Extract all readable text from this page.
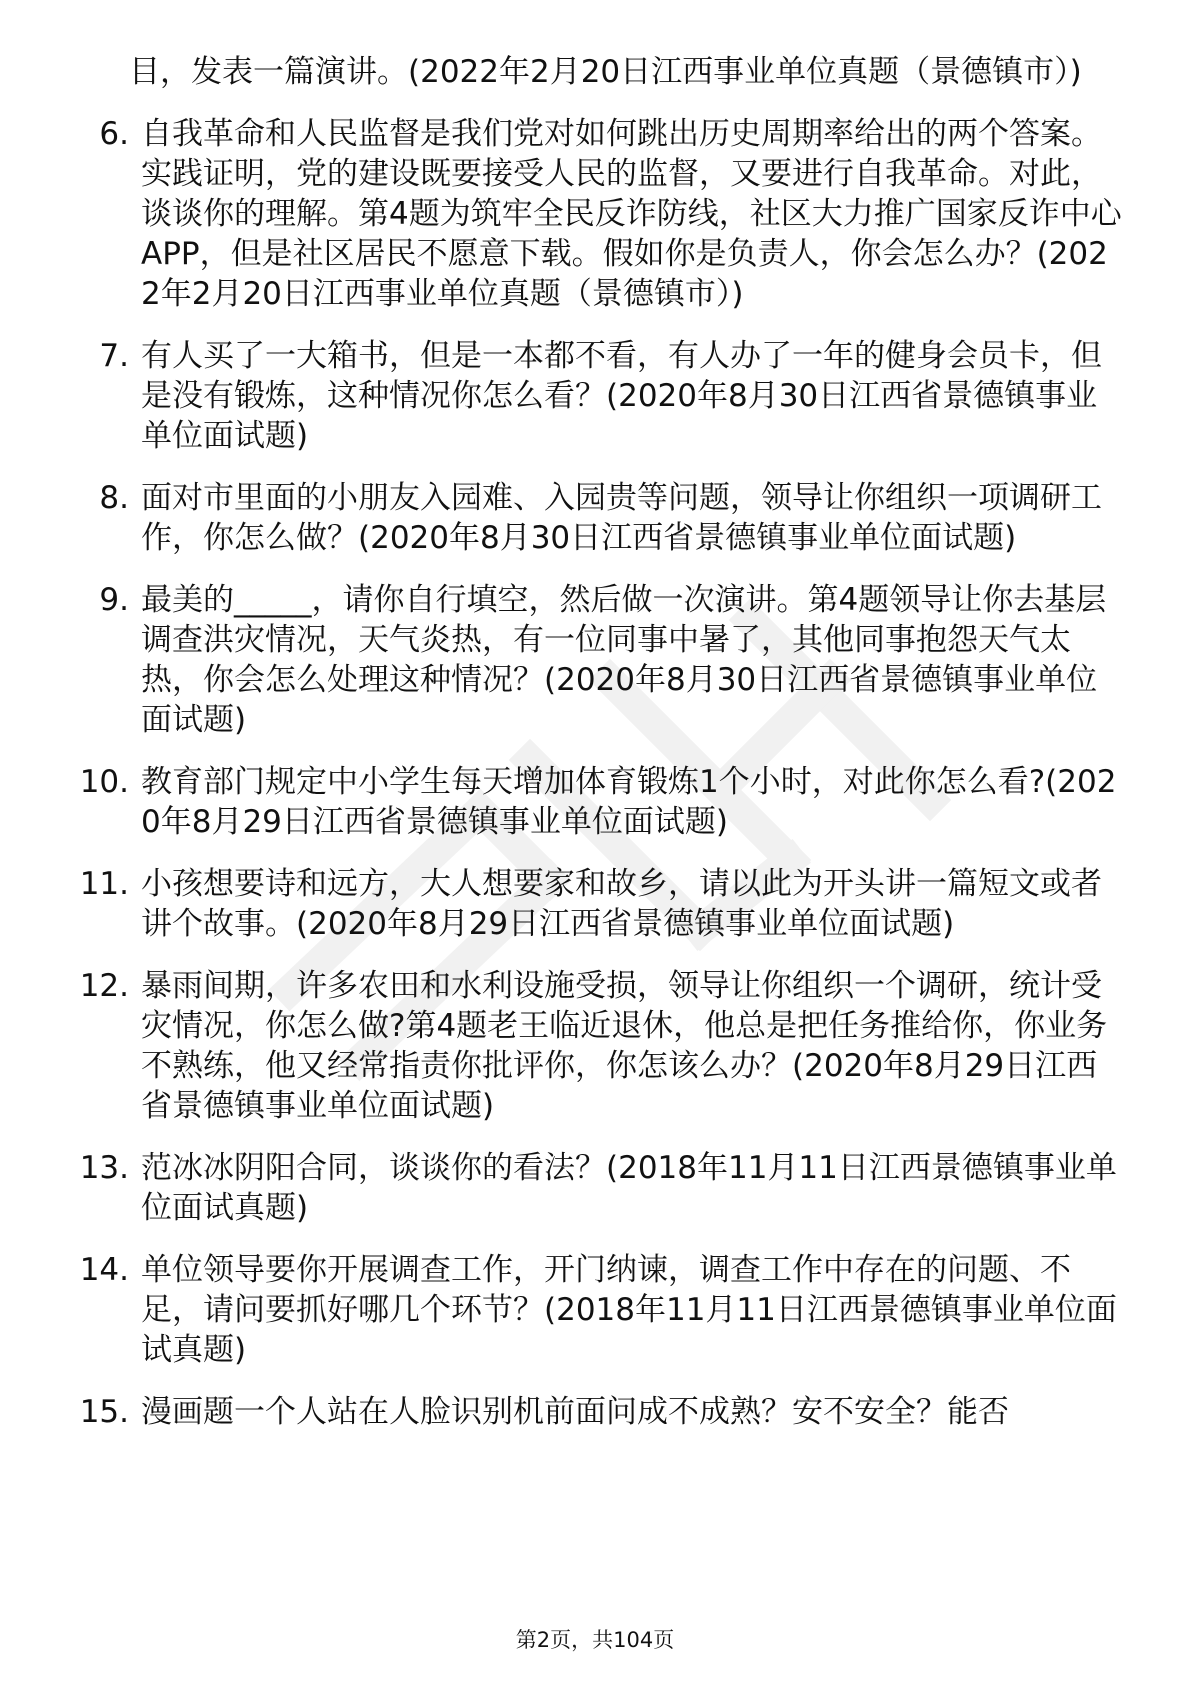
目，发表一篇演讲。(2022年2月20日江西事业单位真题（景德镇市）)
6. 自我革命和人民监督是我们党对如何跳出历史周期率给出的两个答案。实践证明，党的建设既要接受人民的监督，又要进行自我革命。对此，谈谈你的理解。第4题为筑牢全民反诈防线，社区大力推广国家反诈中心APP，但是社区居民不愿意下载。假如你是负责人，你会怎么办？(2022年2月20日江西事业单位真题（景德镇市）)
7. 有人买了一大箱书，但是一本都不看，有人办了一年的健身会员卡，但是没有锻炼，这种情况你怎么看？(2020年8月30日江西省景德镇事业单位面试题)
8. 面对市里面的小朋友入园难、入园贵等问题，领导让你组织一项调研工作，你怎么做？(2020年8月30日江西省景德镇事业单位面试题)
9. 最美的_____，请你自行填空，然后做一次演讲。第4题领导让你去基层调查洪灾情况，天气炎热，有一位同事中暑了，其他同事抱怨天气太热，你会怎么处理这种情况？(2020年8月30日江西省景德镇事业单位面试题)
10. 教育部门规定中小学生每天增加体育锻炼1个小时，对此你怎么看?(2020年8月29日江西省景德镇事业单位面试题)
11. 小孩想要诗和远方，大人想要家和故乡，请以此为开头讲一篇短文或者讲个故事。(2020年8月29日江西省景德镇事业单位面试题)
12. 暴雨间期，许多农田和水利设施受损，领导让你组织一个调研，统计受灾情况，你怎么做?第4题老王临近退休，他总是把任务推给你，你业务不熟练，他又经常指责你批评你，你怎该么办？(2020年8月29日江西省景德镇事业单位面试题)
13. 范冰冰阴阳合同，谈谈你的看法？(2018年11月11日江西景德镇事业单位面试真题)
14. 单位领导要你开展调查工作，开门纳谏，调查工作中存在的问题、不足，请问要抓好哪几个环节？(2018年11月11日江西景德镇事业单位面试真题)
15. 漫画题一个人站在人脸识别机前面问成不成熟？安不安全？能否
第2页，共104页
